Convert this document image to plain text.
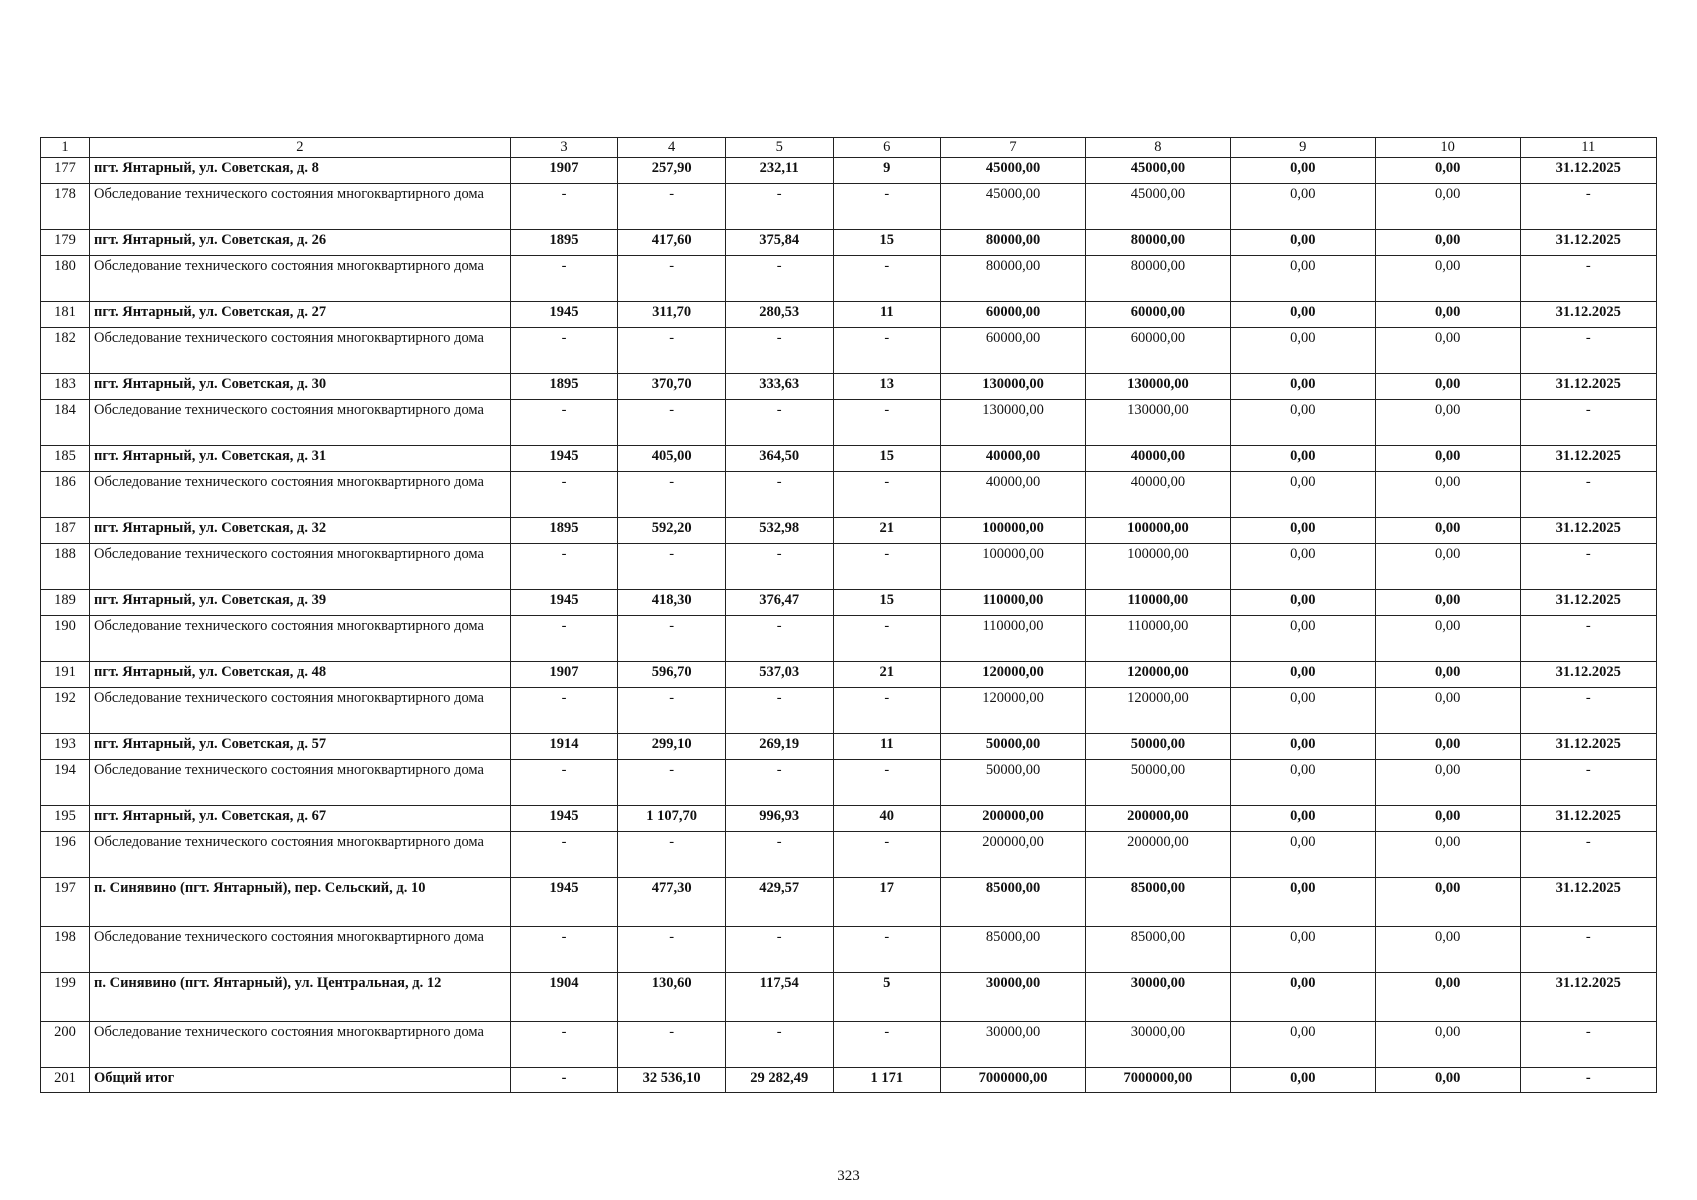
1	2	3	4	5	6	7	8	9	10	11
177	пгт. Янтарный, ул. Советская, д. 8	1907	257,90	232,11	9	45000,00	45000,00	0,00	0,00	31.12.2025
178	Обследование технического состояния многоквартирного дома	-	-	-	-	45000,00	45000,00	0,00	0,00	-
179	пгт. Янтарный, ул. Советская, д. 26	1895	417,60	375,84	15	80000,00	80000,00	0,00	0,00	31.12.2025
180	Обследование технического состояния многоквартирного дома	-	-	-	-	80000,00	80000,00	0,00	0,00	-
181	пгт. Янтарный, ул. Советская, д. 27	1945	311,70	280,53	11	60000,00	60000,00	0,00	0,00	31.12.2025
182	Обследование технического состояния многоквартирного дома	-	-	-	-	60000,00	60000,00	0,00	0,00	-
183	пгт. Янтарный, ул. Советская, д. 30	1895	370,70	333,63	13	130000,00	130000,00	0,00	0,00	31.12.2025
184	Обследование технического состояния многоквартирного дома	-	-	-	-	130000,00	130000,00	0,00	0,00	-
185	пгт. Янтарный, ул. Советская, д. 31	1945	405,00	364,50	15	40000,00	40000,00	0,00	0,00	31.12.2025
186	Обследование технического состояния многоквартирного дома	-	-	-	-	40000,00	40000,00	0,00	0,00	-
187	пгт. Янтарный, ул. Советская, д. 32	1895	592,20	532,98	21	100000,00	100000,00	0,00	0,00	31.12.2025
188	Обследование технического состояния многоквартирного дома	-	-	-	-	100000,00	100000,00	0,00	0,00	-
189	пгт. Янтарный, ул. Советская, д. 39	1945	418,30	376,47	15	110000,00	110000,00	0,00	0,00	31.12.2025
190	Обследование технического состояния многоквартирного дома	-	-	-	-	110000,00	110000,00	0,00	0,00	-
191	пгт. Янтарный, ул. Советская, д. 48	1907	596,70	537,03	21	120000,00	120000,00	0,00	0,00	31.12.2025
192	Обследование технического состояния многоквартирного дома	-	-	-	-	120000,00	120000,00	0,00	0,00	-
193	пгт. Янтарный, ул. Советская, д. 57	1914	299,10	269,19	11	50000,00	50000,00	0,00	0,00	31.12.2025
194	Обследование технического состояния многоквартирного дома	-	-	-	-	50000,00	50000,00	0,00	0,00	-
195	пгт. Янтарный, ул. Советская, д. 67	1945	1 107,70	996,93	40	200000,00	200000,00	0,00	0,00	31.12.2025
196	Обследование технического состояния многоквартирного дома	-	-	-	-	200000,00	200000,00	0,00	0,00	-
197	п. Синявино (пгт. Янтарный), пер. Сельский, д. 10	1945	477,30	429,57	17	85000,00	85000,00	0,00	0,00	31.12.2025
198	Обследование технического состояния многоквартирного дома	-	-	-	-	85000,00	85000,00	0,00	0,00	-
199	п. Синявино (пгт. Янтарный), ул. Центральная, д. 12	1904	130,60	117,54	5	30000,00	30000,00	0,00	0,00	31.12.2025
200	Обследование технического состояния многоквартирного дома	-	-	-	-	30000,00	30000,00	0,00	0,00	-
201	Общий итог	-	32 536,10	29 282,49	1 171	7000000,00	7000000,00	0,00	0,00	-
323
